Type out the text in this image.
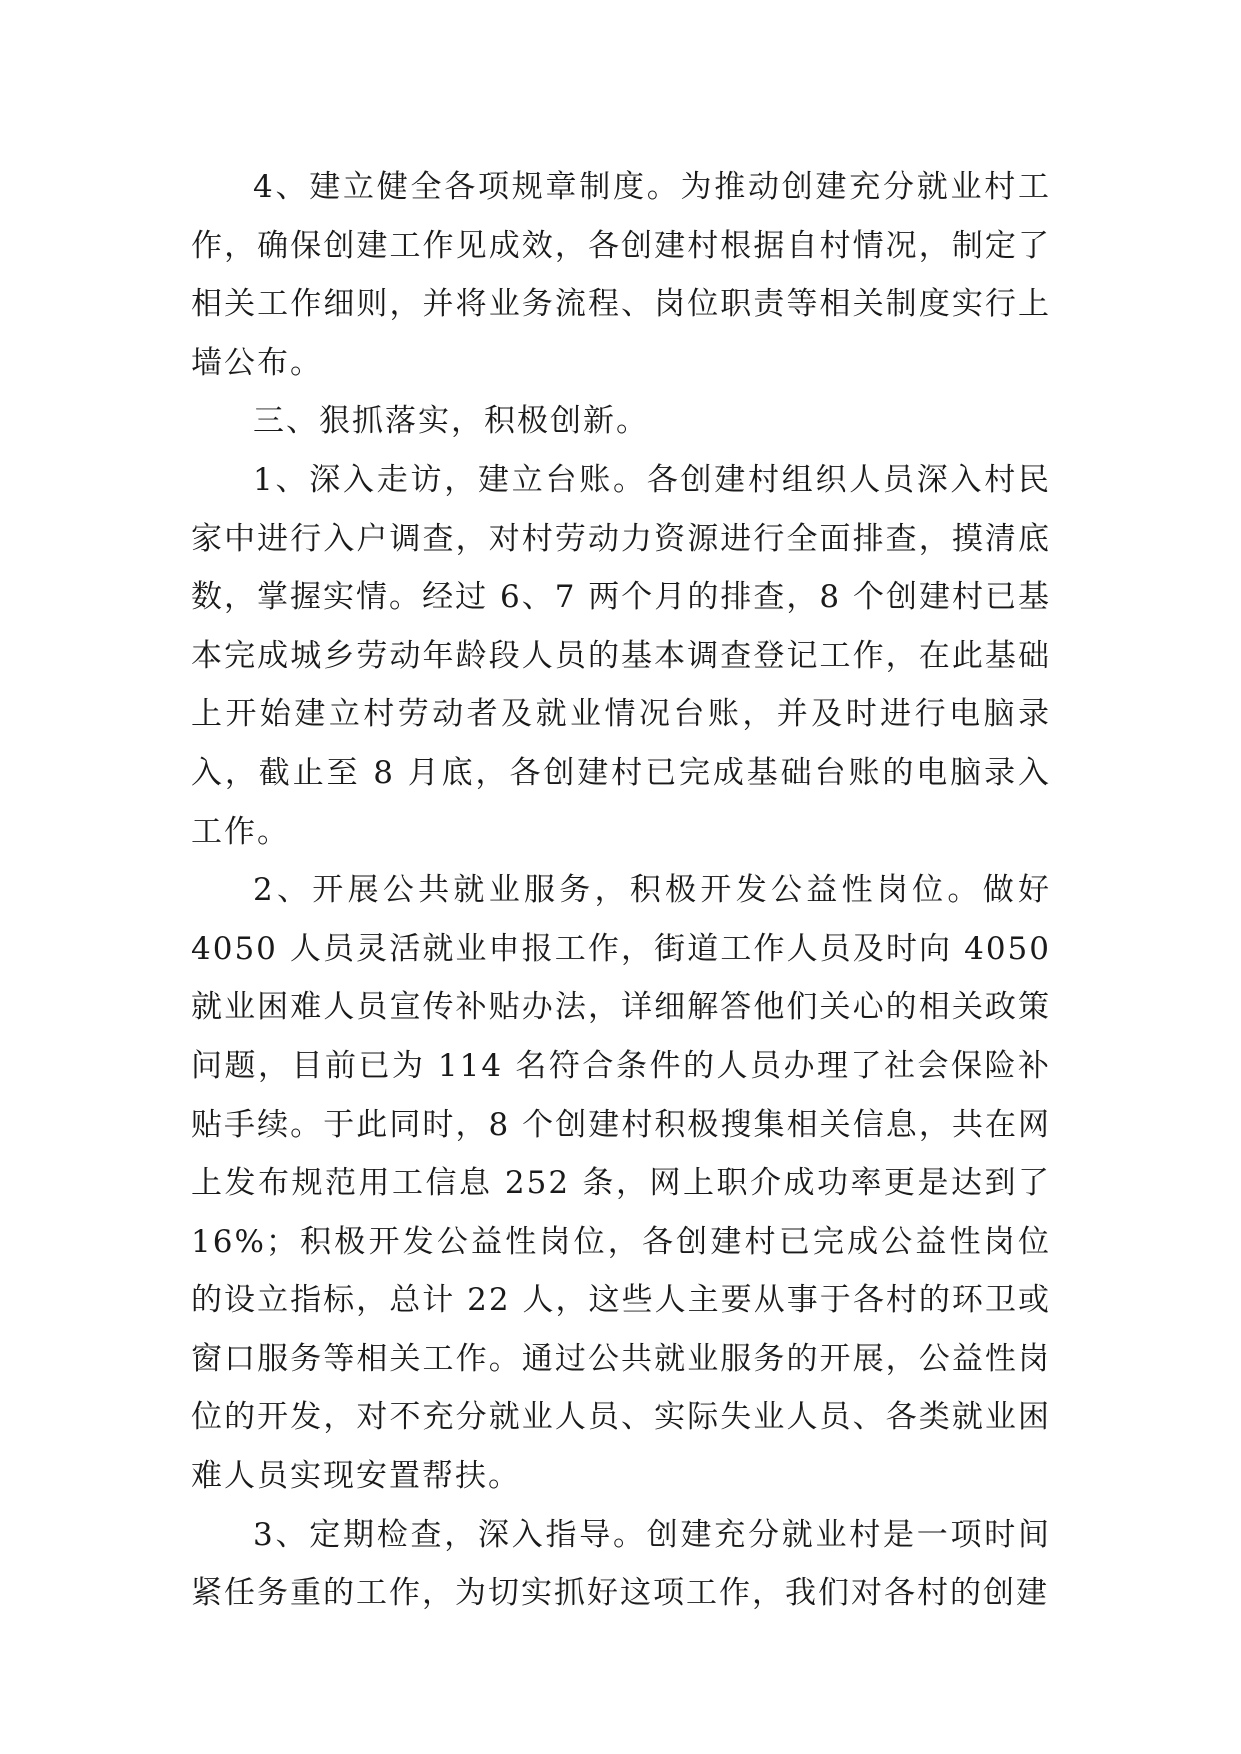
4、建立健全各项规章制度。为推动创建充分就业村工作，确保创建工作见成效，各创建村根据自村情况，制定了相关工作细则，并将业务流程、岗位职责等相关制度实行上墙公布。

三、狠抓落实，积极创新。

1、深入走访，建立台账。各创建村组织人员深入村民家中进行入户调查，对村劳动力资源进行全面排查，摸清底数，掌握实情。经过 6、7 两个月的排查，8 个创建村已基本完成城乡劳动年龄段人员的基本调查登记工作，在此基础上开始建立村劳动者及就业情况台账，并及时进行电脑录入，截止至 8 月底，各创建村已完成基础台账的电脑录入工作。

2、开展公共就业服务，积极开发公益性岗位。做好 4050 人员灵活就业申报工作，街道工作人员及时向 4050 就业困难人员宣传补贴办法，详细解答他们关心的相关政策问题，目前已为 114 名符合条件的人员办理了社会保险补贴手续。于此同时，8 个创建村积极搜集相关信息，共在网上发布规范用工信息 252 条，网上职介成功率更是达到了 16%；积极开发公益性岗位，各创建村已完成公益性岗位的设立指标，总计 22 人，这些人主要从事于各村的环卫或窗口服务等相关工作。通过公共就业服务的开展，公益性岗位的开发，对不充分就业人员、实际失业人员、各类就业困难人员实现安置帮扶。

3、定期检查，深入指导。创建充分就业村是一项时间紧任务重的工作，为切实抓好这项工作，我们对各村的创建
